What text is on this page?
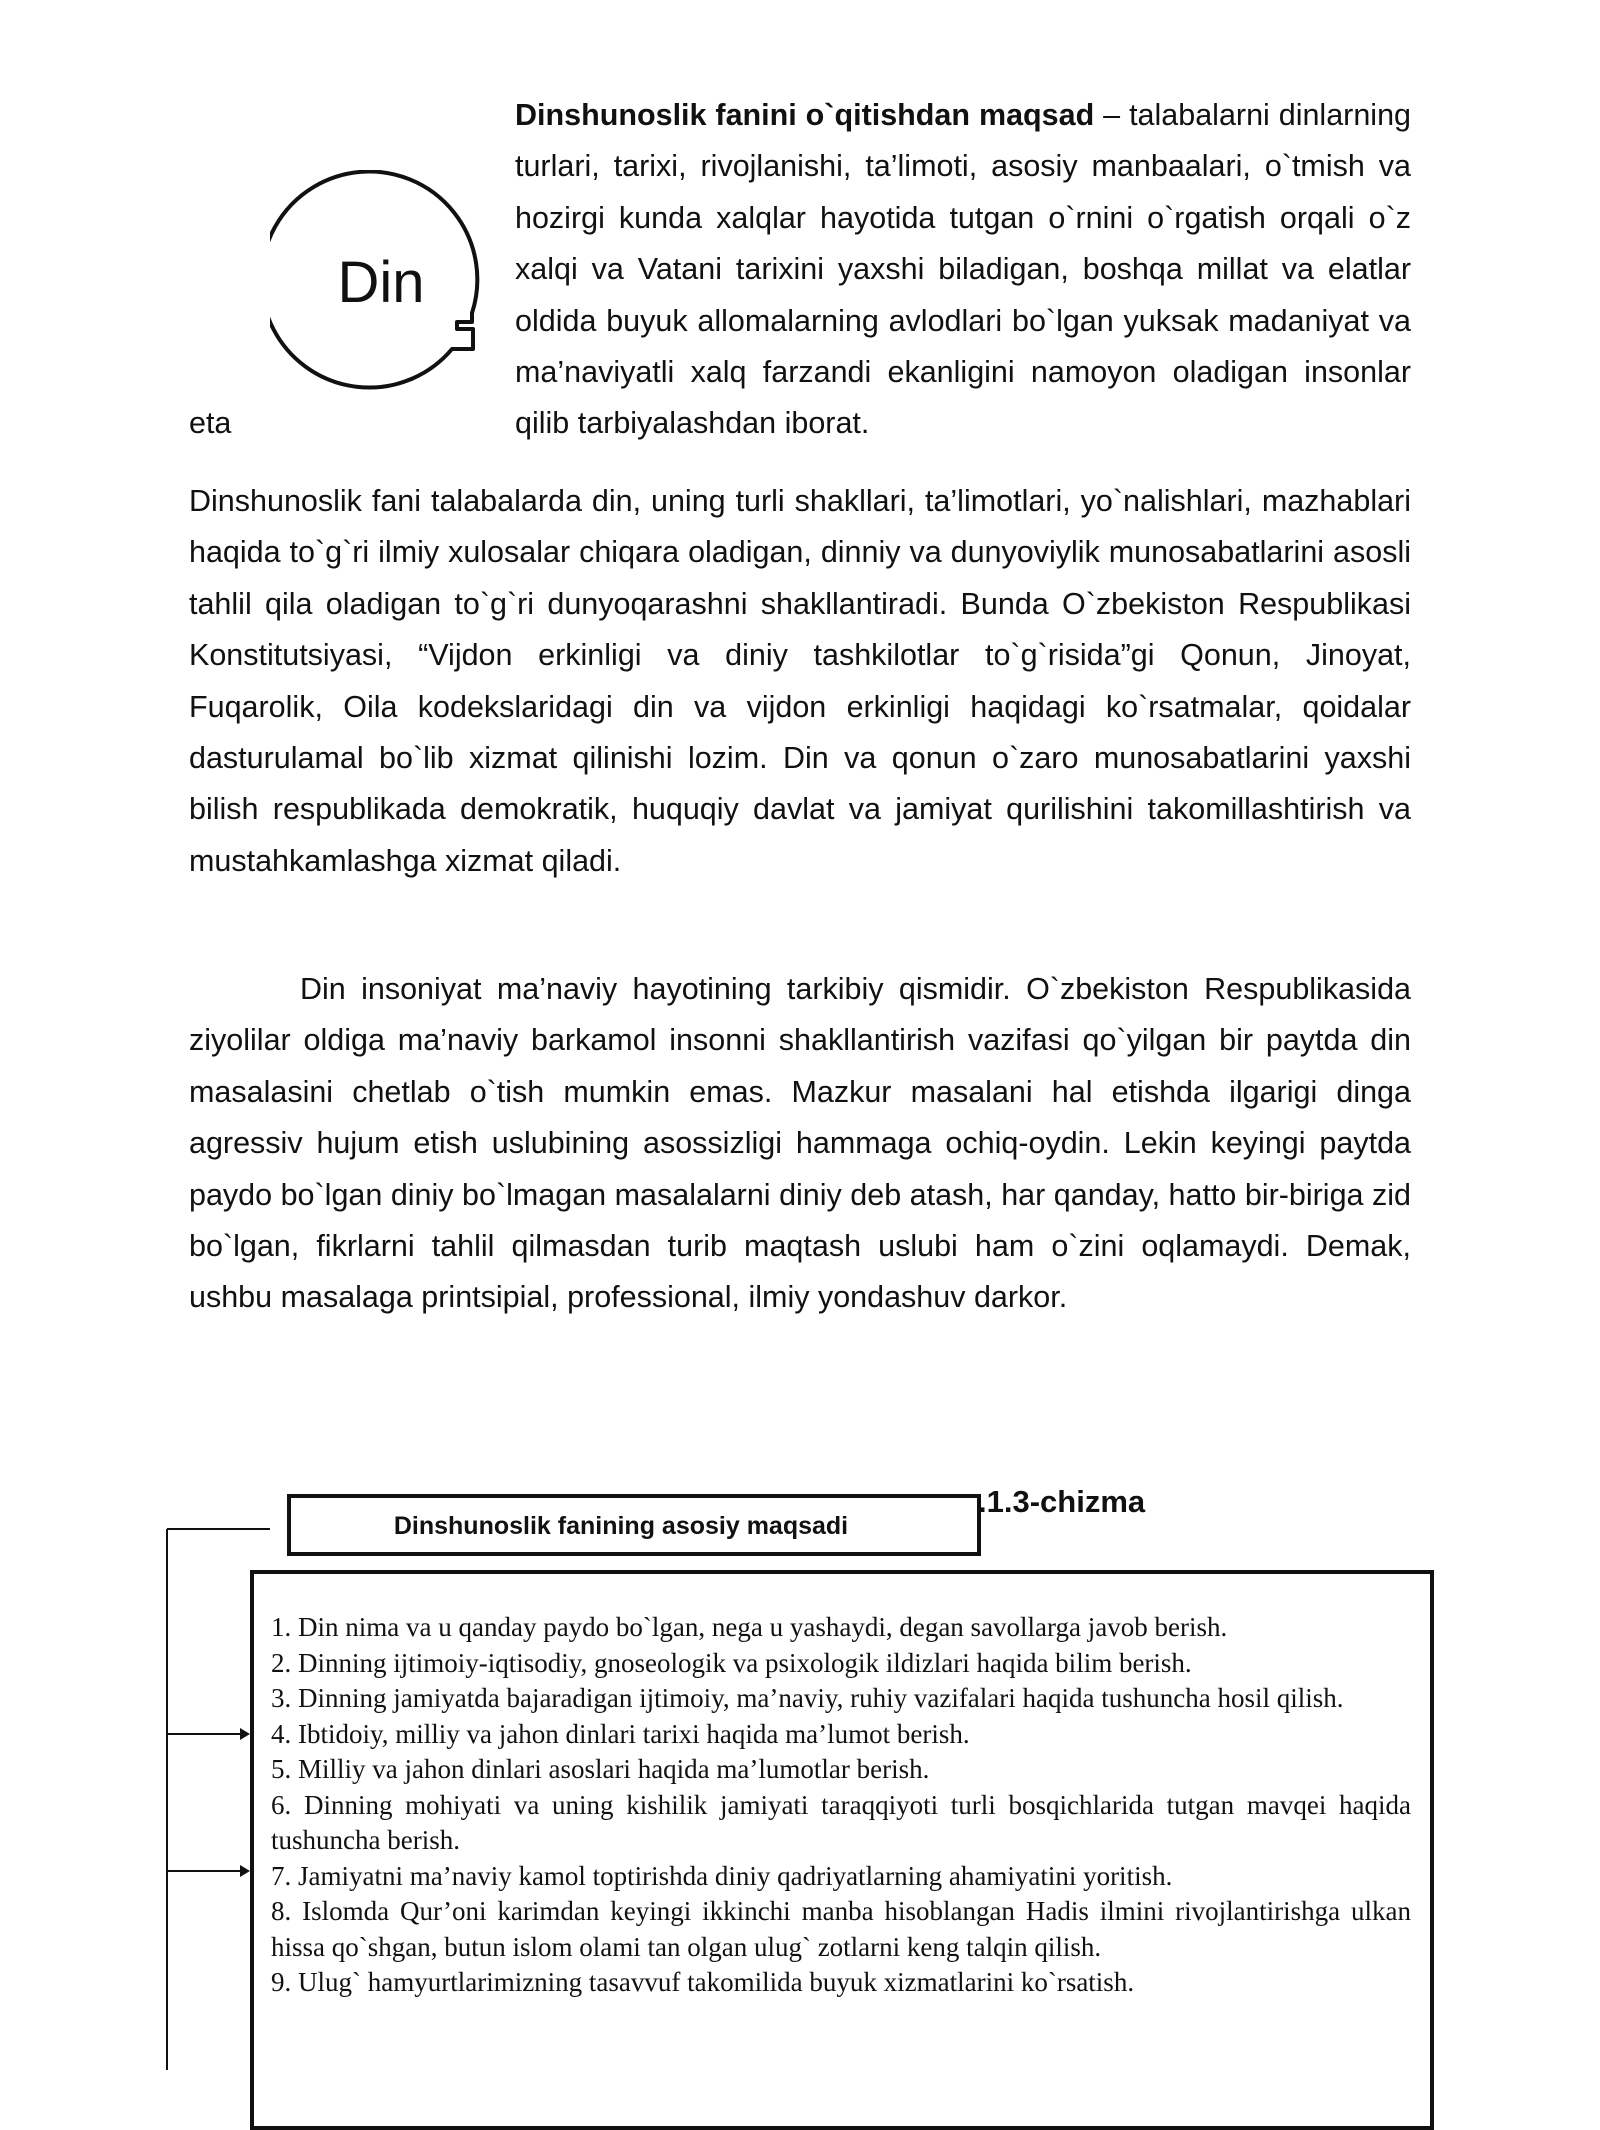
eta
Dinshunoslik fanini o`qitishdan maqsad – talabalarni dinlarning turlari, tarixi, rivojlanishi, ta’limoti, asosiy manbaalari, o`tmish va hozirgi kunda xalqlar hayotida tutgan o`rnini o`rgatish orqali o`z xalqi va Vatani tarixini yaxshi biladigan, boshqa millat va elatlar oldida buyuk allomalarning avlodlari bo`lgan yuksak madaniyat va ma’naviyatli xalq farzandi ekanligini namoyon oladigan insonlar qilib tarbiyalashdan iborat.

Din

Dinshunoslik fani talabalarda din, uning turli shakllari, ta’limotlari, yo`nalishlari, mazhablari haqida to`g`ri ilmiy xulosalar chiqara oladigan, dinniy va dunyoviylik munosabatlarini asosli tahlil qila oladigan to`g`ri dunyoqarashni shakllantiradi. Bunda O`zbekiston Respublikasi Konstitutsiyasi, “Vijdon erkinligi va diniy tashkilotlar to`g`risida”gi Qonun, Jinoyat, Fuqarolik, Oila kodekslaridagi din va vijdon erkinligi haqidagi ko`rsatmalar, qoidalar dasturulamal bo`lib xizmat qilinishi lozim. Din va qonun o`zaro munosabatlarini yaxshi bilish respublikada demokratik, huquqiy davlat va jamiyat qurilishini takomillashtirish va mustahkamlashga xizmat qiladi.

Din insoniyat ma’naviy hayotining tarkibiy qismidir. O`zbekiston Respublikasida ziyolilar oldiga ma’naviy barkamol insonni shakllantirish vazifasi qo`yilgan bir paytda din masalasini chetlab o`tish mumkin emas. Mazkur masalani hal etishda ilgarigi dinga agressiv hujum etish uslubining asossizligi hammaga ochiq-oydin. Lekin keyingi paytda paydo bo`lgan diniy bo`lmagan masalalarni diniy deb atash, har qanday, hatto bir-biriga zid bo`lgan, fikrlarni tahlil qilmasdan turib maqtash uslubi ham o`zini oqlamaydi. Demak, ushbu masalaga printsipial, professional, ilmiy yondashuv darkor.

.1.3-chizma
Dinshunoslik fanining asosiy maqsadi
1. Din nima va u qanday paydo bo`lgan, nega u yashaydi, degan savollarga javob berish.
2. Dinning ijtimoiy-iqtisodiy, gnoseologik va psixologik ildizlari haqida bilim berish.
3. Dinning jamiyatda bajaradigan ijtimoiy, ma’naviy, ruhiy vazifalari haqida tushuncha hosil qilish.
4. Ibtidoiy, milliy va jahon dinlari tarixi haqida ma’lumot berish.
5. Milliy va jahon dinlari asoslari haqida ma’lumotlar berish.
6. Dinning mohiyati va uning kishilik jamiyati taraqqiyoti turli bosqichlarida tutgan mavqei haqida tushuncha berish.
7. Jamiyatni ma’naviy kamol toptirishda diniy qadriyatlarning ahamiyatini yoritish.
8. Islomda Qur’oni karimdan keyingi ikkinchi manba hisoblangan Hadis ilmini rivojlantirishga ulkan hissa qo`shgan, butun islom olami tan olgan ulug` zotlarni keng talqin qilish.
9. Ulug` hamyurtlarimizning tasavvuf takomilida buyuk xizmatlarini ko`rsatish.
